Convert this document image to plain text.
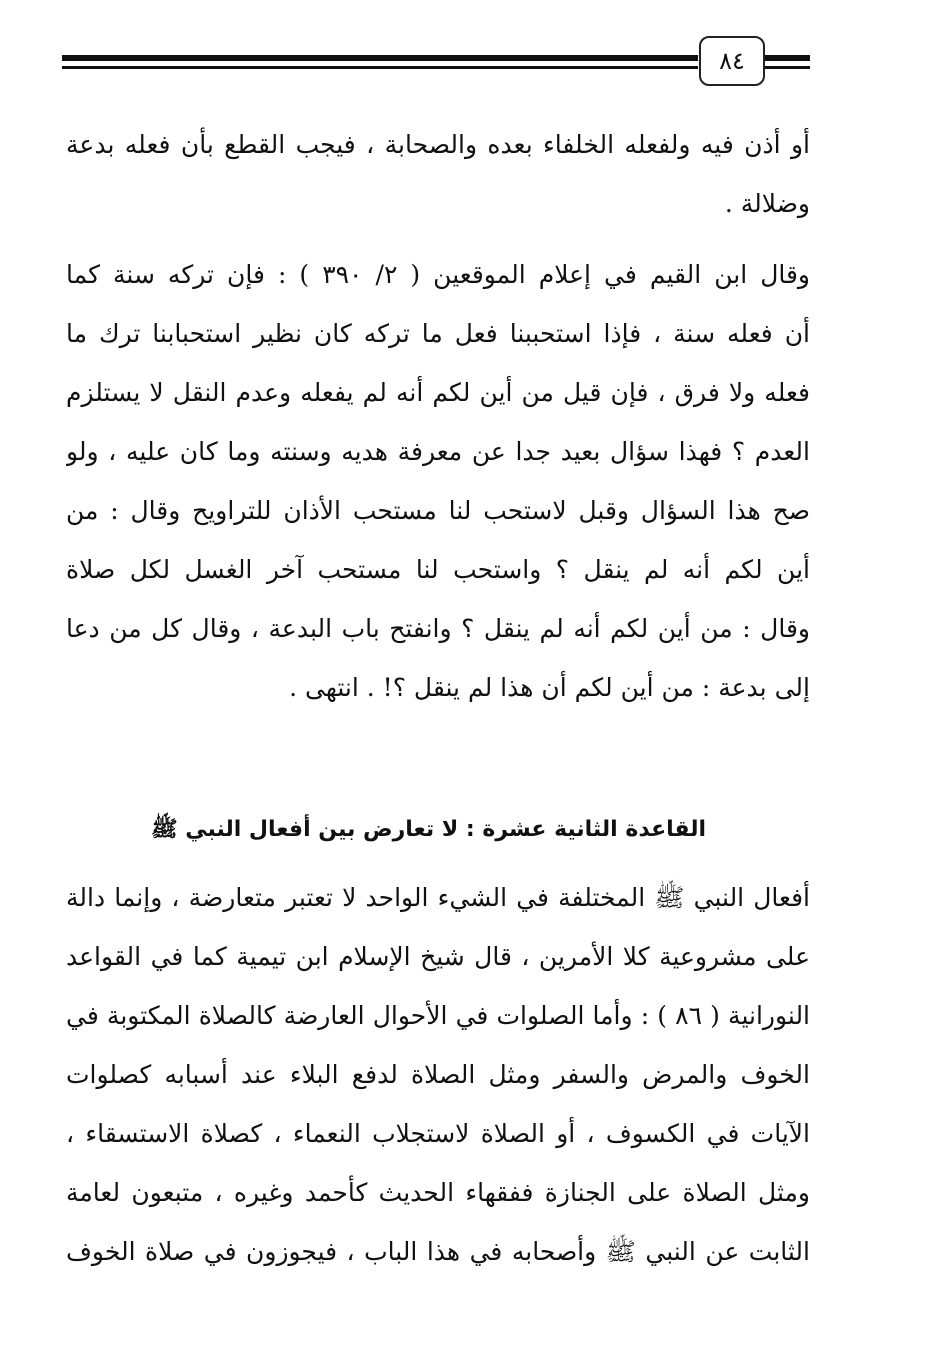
٨٤
أو أذن فيه ولفعله الخلفاء بعده والصحابة ، فيجب القطع بأن فعله بدعة
وضلالة .
وقال ابن القيم في إعلام الموقعين ( ٢/ ٣٩٠ ) : فإن تركه سنة كما
أن فعله سنة ، فإذا استحببنا فعل ما تركه كان نظير استحبابنا ترك ما
فعله ولا فرق ، فإن قيل من أين لكم أنه لم يفعله وعدم النقل لا يستلزم
العدم ؟ فهذا سؤال بعيد جدا عن معرفة هديه وسنته وما كان عليه ، ولو
صح هذا السؤال وقبل لاستحب لنا مستحب الأذان للتراويح وقال : من
أين لكم أنه لم ينقل ؟ واستحب لنا مستحب آخر الغسل لكل صلاة
وقال : من أين لكم أنه لم ينقل ؟ وانفتح باب البدعة ، وقال كل من دعا
إلى بدعة : من أين لكم أن هذا لم ينقل ؟! . انتهى .
القاعدة الثانية عشرة : لا تعارض بين أفعال النبي ﷺ
أفعال النبي ﷺ المختلفة في الشيء الواحد لا تعتبر متعارضة ، وإنما دالة
على مشروعية كلا الأمرين ، قال شيخ الإسلام ابن تيمية كما في القواعد
النورانية ( ٨٦ ) : وأما الصلوات في الأحوال العارضة كالصلاة المكتوبة في
الخوف والمرض والسفر ومثل الصلاة لدفع البلاء عند أسبابه كصلوات
الآيات في الكسوف ، أو الصلاة لاستجلاب النعماء ، كصلاة الاستسقاء ،
ومثل الصلاة على الجنازة ففقهاء الحديث كأحمد وغيره ، متبعون لعامة
الثابت عن النبي ﷺ وأصحابه في هذا الباب ، فيجوزون في صلاة الخوف
